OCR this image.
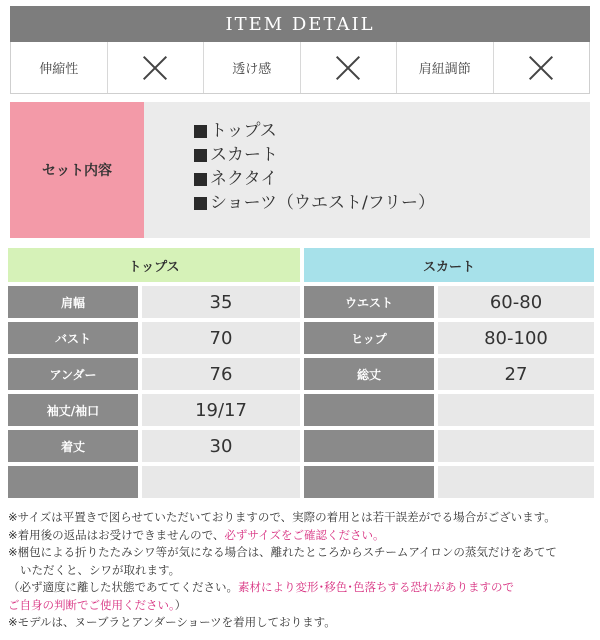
ITEM DETAIL
伸縮性	透け感	肩紐調節
セット内容
トップス
スカート
ネクタイ
ショーツ（ウエスト/フリー）
トップス	スカート
肩幅	35	ウエスト	60-80
バスト	70	ヒップ	80-100
アンダー	76	総丈	27
袖丈/袖口	19/17
着丈	30

※サイズは平置きで図らせていただいておりますので、実際の着用とは若干誤差がでる場合がございます。

※着用後の返品はお受けできませんので、必ずサイズをご確認ください。

※梱包による折りたたみシワ等が気になる場合は、離れたところからスチームアイロンの蒸気だけをあてて

いただくと、シワが取れます。

（必ず適度に離した状態であててください。素材により変形･移色･色落ちする恐れがありますので

ご自身の判断でご使用ください。）

※モデルは、ヌーブラとアンダーショーツを着用しております。
